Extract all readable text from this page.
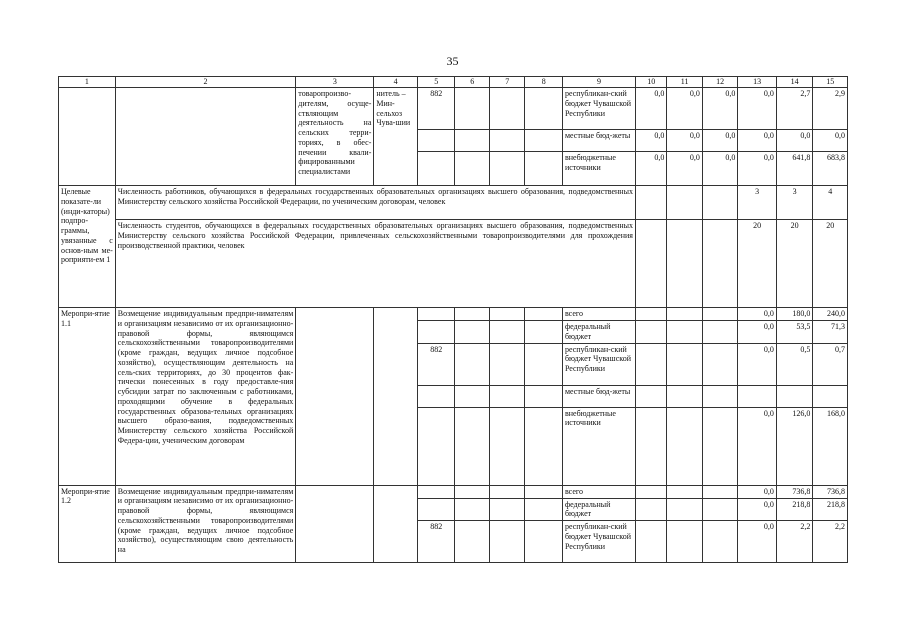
35
1	2	3	4	5	6	7	8	9	10	11	12	13	14	15
		товаропроизво-дителям, осуще-ствляющим деятельность на сельских терри-ториях, в обес-печении квали-фицированными специалистами	нитель – Мин-сельхоз Чува-шии	882				республикан-ский бюджет Чувашской Республики	0,0	0,0	0,0	0,0	2,7	2,9
								местные бюд-жеты	0,0	0,0	0,0	0,0	0,0	0,0
								внебюджетные источники	0,0	0,0	0,0	0,0	641,8	683,8
Целевые показате-ли (инди-каторы) подпро-граммы, увязанные с основ-ным ме-роприяти-ем 1	Численность работников, обучающихся в федеральных государственных образовательных организациях высшего образования, подведомственных Министерству сельского хозяйства Российской Федерации, по ученическим договорам, человек											3	3	4
	Численность студентов, обучающихся в федеральных государственных образовательных организациях высшего образования, подведомственных Министерству сельского хозяйства Российской Федерации, привлеченных сельскохозяйственными товаропроизводителями для прохождения производственной практики, человек											20	20	20
Меропри-ятие 1.1	Возмещение индивидуальным предпри-нимателям и организациям независимо от их организационно-правовой формы, являющимся сельскохозяйственными товаропроизводителями (кроме граждан, ведущих личное подсобное хозяйство), осуществляющим деятельность на сель-ских территориях, до 30 процентов фак-тически понесенных в году предоставле-ния субсидии затрат по заключенным с работниками, проходящими обучение в федеральных государственных образова-тельных организациях высшего образо-вания, подведомственных Министерству сельского хозяйства Российской Федера-ции, ученическим договорам							всего				0,0	180,0	240,0
								федеральный бюджет				0,0	53,5	71,3
				882				республикан-ский бюджет Чувашской Республики				0,0	0,5	0,7
								местные бюд-жеты						
								внебюджетные источники				0,0	126,0	168,0
Меропри-ятие 1.2	Возмещение индивидуальным предпри-нимателям и организациям независимо от их организационно-правовой формы, являющимся сельскохозяйственными товаропроизводителями (кроме граждан, ведущих личное подсобное хозяйство), осуществляющим свою деятельность на							всего				0,0	736,8	736,8
								федеральный бюджет				0,0	218,8	218,8
				882				республикан-ский бюджет Чувашской Республики				0,0	2,2	2,2
